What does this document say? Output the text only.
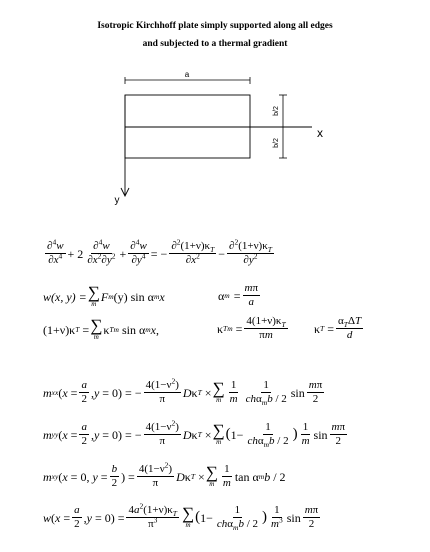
Isotropic Kirchhoff plate simply supported along all edges
and subjected to a thermal gradient
a
x
y
b/2
b/2
$\frac{\partial^4w}{\partial x^4} + 2 \frac{\partial^4w}{\partial x^2\partial y^2} + \frac{\partial^4w}{\partial y^4}$ = − $\frac{\partial^2(1+\nu)\kappa_T}{\partial x^2} - \frac{\partial^2(1+\nu)\kappa_T}{\partial y^2}$
w(x, y) = ∑
m
F m (y) sin α m x	α $m = \frac{m\pi}{a}$
(1+ν)κ T = ∑
m
κ Tm
sin α m x ,	κ $Tm = \frac{4(1+\nu)\kappa_T}{\pi m}$ κ $T = \frac{\alpha_T\Delta T}{d}$
m xx ( $x = \frac{a}{2}$ , y = 0) = − $\frac{4(1-\nu^2)}{\pi}$ D κ T × ∑
m $\frac{1}{m} \frac{1}{ch\alpha_mb / 2}$ $\sin \frac{m\pi}{2}$
m yy ( $x = \frac{a}{2}$ , y = 0) = − $\frac{4(1-\nu^2)}{\pi}$ D κ T × ∑
m ( $1- \frac{1}{ch\alpha_mb / 2}$ ) $\frac{1}{m}$ $\sin \frac{m\pi}{2}$
m xy ( x = 0, $y = \frac{b}{2}$ ) = $\frac{4(1-\nu^2)}{\pi}$ D κ T × ∑
m $\frac{1}{m}$ tan α m b / 2
w ( $x = \frac{a}{2}$ , $y = 0) = \frac{4a^2(1+\nu)\kappa_T}{\pi^3}$ ∑
m ( $1- \frac{1}{ch\alpha_mb / 2}$ ) $\frac{1}{m^3}$ $\sin \frac{m\pi}{2}$
